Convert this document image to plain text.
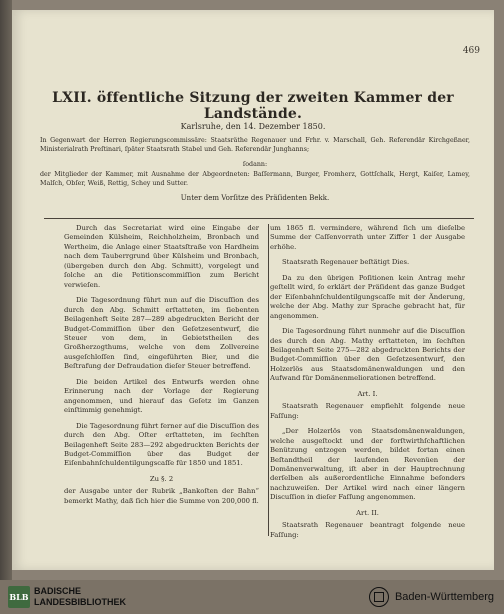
469
LXII. öffentliche Sitzung der zweiten Kammer der Landstände.
Karlsruhe, den 14. Dezember 1850.
In Gegenwart der Herren Regierungscommissäre: Staatsräthe Regenauer und Frhr. v. Marschall, Geh. Referendär Kirchgeßner, Ministerialrath Preſtinari, ſpäter Staatsrath Stabel und Geh. Referendär Junghanns;
ſodann:
der Mitglieder der Kammer, mit Ausnahme der Abgeordneten: Baſſermann, Burger, Fromherz, Gottſchalk, Hergt, Kaiſer, Lamey, Malſch, Obſer, Weiß, Rettig, Schey und Sutter.
Unter dem Vorſitze des Präſidenten Bekk.
Durch das Secretariat wird eine Eingabe der Gemeinden Külsheim, Reichholzheim, Bronbach und Wertheim, die Anlage einer Staatsſtraße von Hardheim nach dem Tauberrgrund über Külsheim und Bronbach, (übergeben durch den Abg. Schmitt), vorgelegt und ſolche an die Petitionscommiſſion zum Bericht verwieſen.
Die Tagesordnung führt nun auf die Discuſſion des durch den Abg. Schmitt erſtatteten, im ſiebenten Beilagenheft Seite 287—289 abgedruckten Bericht der Budget-Commiſſion über den Geſetzesentwurf, die Steuer von dem, in Gebietstheilen des Großherzogthums, welche von dem Zollvereine ausgeſchloſſen ſind, eingeführten Bier, und die Beſtrafung der Defraudation dieſer Steuer betreffend.
Die beiden Artikel des Entwurfs werden ohne Erinnerung nach der Vorlage der Regierung angenommen, und hierauf das Geſetz im Ganzen einſtimmig genehmigt.
Die Tagesordnung führt ferner auf die Discuſſion des durch den Abg. Oſter erſtatteten, im ſechſten Beilagenheft Seite 283—292 abgedruckten Berichts der Budget-Commiſſion über das Budget der Eiſenbahnſchuldentilgungscaſſe für 1850 und 1851.
Zu §. 2
der Ausgabe unter der Rubrik „Bankoſten der Bahn“ bemerkt Mathy, daß ſich hier die Summe von 200,000 fl.
um 1865 fl. vermindere, während ſich um dieſelbe Summe der Caſſenvorrath unter Ziffer 1 der Ausgabe erhöhe.
Staatsrath Regenauer beſtätigt Dies.
Da zu den übrigen Poſitionen kein Antrag mehr geſtellt wird, ſo erklärt der Präſident das ganze Budget der Eiſenbahnſchuldentilgungscaſſe mit der Änderung, welche der Abg. Mathy zur Sprache gebracht hat, für angenommen.
Die Tagesordnung führt nunmehr auf die Discuſſion des durch den Abg. Mathy erſtatteten, im ſechſten Beilagenheft Seite 275—282 abgedruckten Berichts der Budget-Commiſſion über den Geſetzesentwurf, den Holzerlös aus Staatsdomänenwaldungen und den Aufwand für Domänenmeliorationen betreffend.
Art. I.
Staatsrath Regenauer empfiehlt folgende neue Faſſung:
„Der Holzerlös von Staatsdomänenwaldungen, welche ausgeſtockt und der forſtwirthſchaftlichen Benützung entzogen werden, bildet fortan einen Beſtandtheil der laufenden Revenüen der Domänenverwaltung, iſt aber in der Hauptrechnung derſelben als außerordentliche Einnahme beſonders nachzuweiſen. Der Artikel wird nach einer längern Discuſſion in dieſer Faſſung angenommen.
Art. II.
Staatsrath Regenauer beantragt folgende neue Faſſung:
BLB
BADISCHE
LANDESBIBLIOTHEK	Baden-Württemberg
